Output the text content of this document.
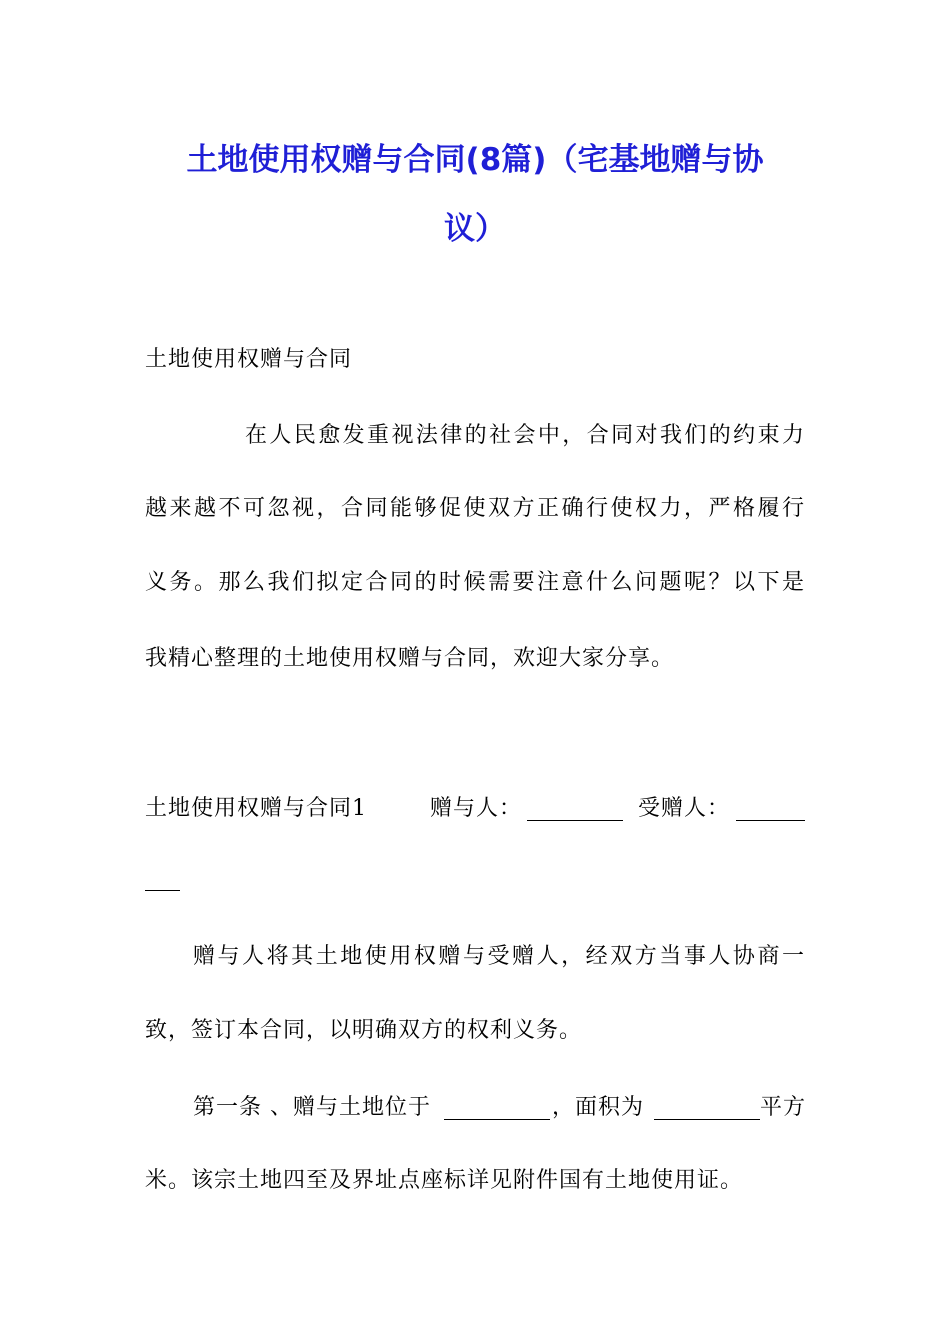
土地使用权赠与合同(8篇)（宅基地赠与协
议）
土地使用权赠与合同
在人民愈发重视法律的社会中，合同对我们的约束力
越来越不可忽视，合同能够促使双方正确行使权力，严格履行
义务。那么我们拟定合同的时候需要注意什么问题呢？以下是
我精心整理的土地使用权赠与合同，欢迎大家分享。
土地使用权赠与合同1	赠与人：	受赠人：
赠与人将其土地使用权赠与受赠人，经双方当事人协商一
致，签订本合同，以明确双方的权利义务。
第一条 、赠与土地位于	，面积为	平方
米。该宗土地四至及界址点座标详见附件国有土地使用证。
